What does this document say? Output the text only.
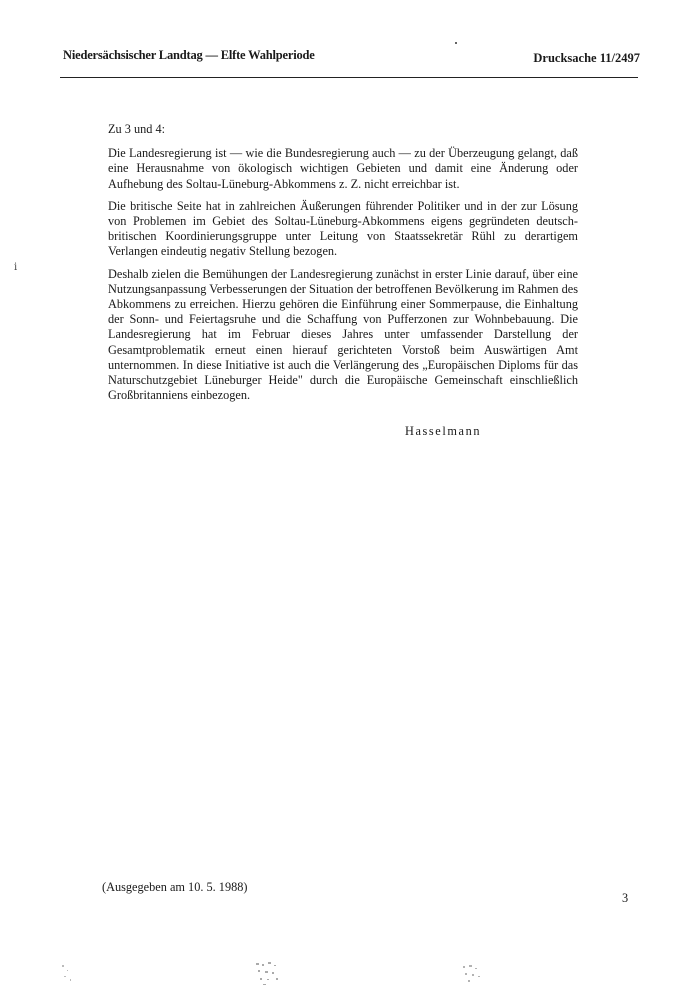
Niedersächsischer Landtag — Elfte Wahlperiode	Drucksache 11/2497
ⅰ

Zu 3 und 4:

Die Landesregierung ist — wie die Bundesregierung auch — zu der Überzeugung gelangt, daß eine Herausnahme von ökologisch wichtigen Gebieten und damit eine Änderung oder Aufhebung des Soltau-Lüneburg-Abkommens z. Z. nicht erreichbar ist.

Die britische Seite hat in zahlreichen Äußerungen führender Politiker und in der zur Lösung von Problemen im Gebiet des Soltau-Lüneburg-Abkommens eigens gegründeten deutsch-britischen Koordinierungsgruppe unter Leitung von Staatssekretär Rühl zu derartigem Verlangen eindeutig negativ Stellung bezogen.

Deshalb zielen die Bemühungen der Landesregierung zunächst in erster Linie darauf, über eine Nutzungsanpassung Verbesserungen der Situation der betroffenen Bevölkerung im Rahmen des Abkommens zu erreichen. Hierzu gehören die Einführung einer Sommerpause, die Einhaltung der Sonn- und Feiertagsruhe und die Schaffung von Pufferzonen zur Wohnbebauung. Die Landesregierung hat im Februar dieses Jahres unter umfassender Darstellung der Gesamtproblematik erneut einen hierauf gerichteten Vorstoß beim Auswärtigen Amt unternommen. In diese Initiative ist auch die Verlängerung des „Europäischen Diploms für das Naturschutzgebiet Lüneburger Heide" durch die Europäische Gemeinschaft einschließlich Großbritanniens einbezogen.

Hasselmann
(Ausgegeben am 10. 5. 1988)
3
